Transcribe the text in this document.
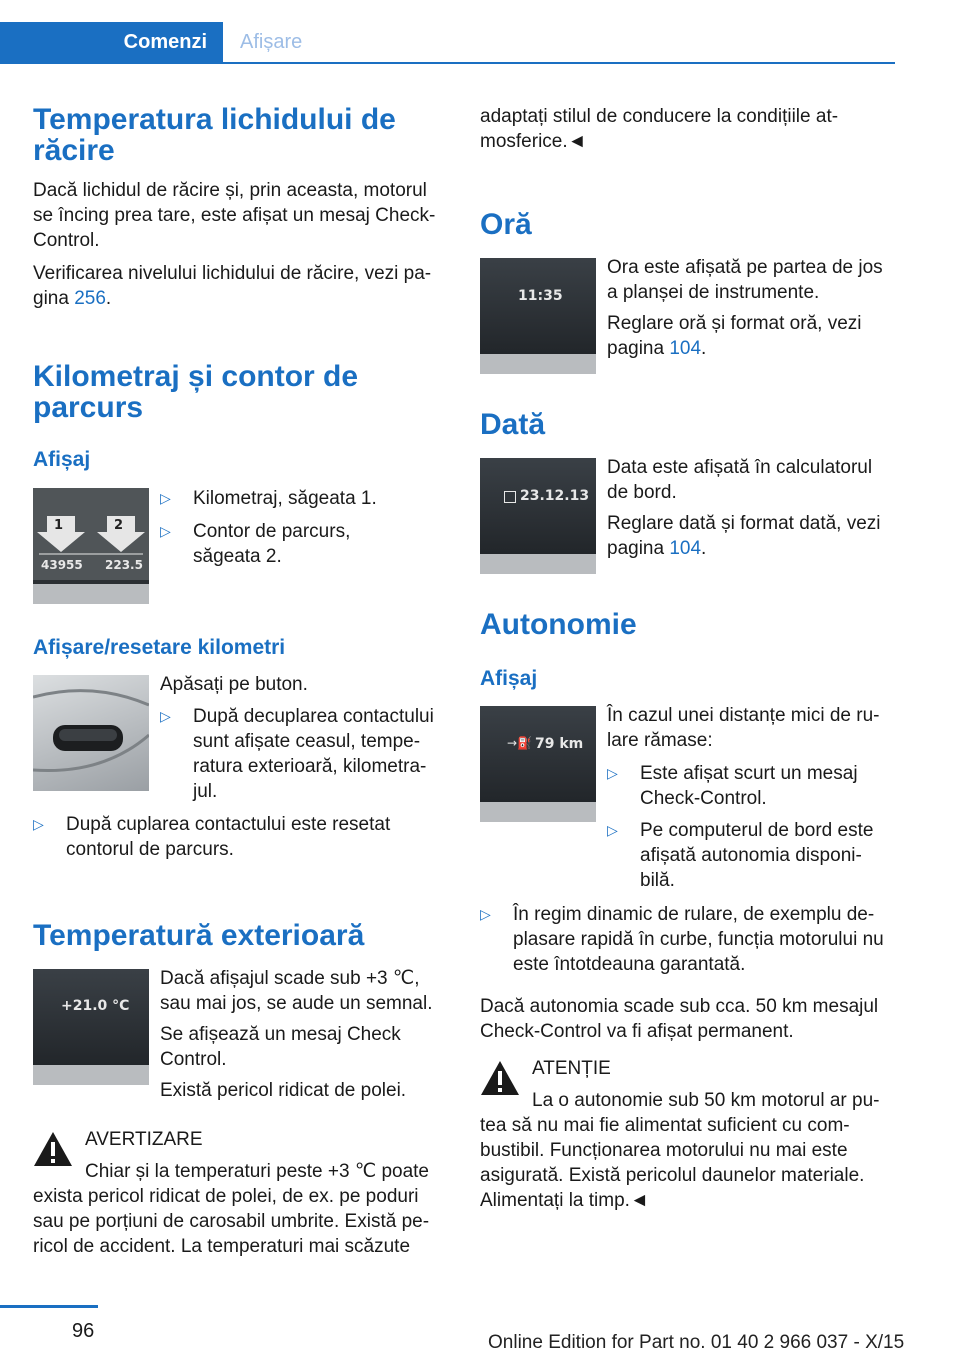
Comenzi Afișare
Temperatura lichidului de răcire

Dacă lichidul de răcire și, prin aceasta, motorul se încing prea tare, este afișat un mesaj Check-Control.

Verificarea nivelului lichidului de răcire, vezi pa-gina 256.

Kilometraj și contor de parcurs
Afișaj
1	2
43955 223.5
▷ Kilometraj, săgeata 1.
▷ Contor de parcurs, săgeata 2.
Afișare/resetare kilometri

Apăsați pe buton.

▷ După decuplarea contactului sunt afișate ceasul, tempe-ratura exterioară, kilometra-jul.
▷ După cuplarea contactului este resetat contorul de parcurs.
Temperatură exterioară
+21.0 °C

Dacă afișajul scade sub +3 ℃, sau mai jos, se aude un semnal.

Se afișează un mesaj Check Control.

Există pericol ridicat de polei.

AVERTIZARE

Chiar și la temperaturi peste +3 ℃ poate exista pericol ridicat de polei, de ex. pe poduri sau pe porțiuni de carosabil umbrite. Există pe-ricol de accident. La temperaturi mai scăzute

adaptați stilul de conducere la condițiile at-mosferice.◄

Oră
11:35

Ora este afișată pe partea de jos a planșei de instrumente.

Reglare oră și format oră, vezi pagina 104.

Dată
23.12.13

Data este afișată în calculatorul de bord.

Reglare dată și format dată, vezi pagina 104.

Autonomie
Afișaj
→⛽ 79 km

În cazul unei distanțe mici de ru-lare rămase:

▷ Este afișat scurt un mesaj Check-Control.
▷ Pe computerul de bord este afișată autonomia disponi-bilă.
▷ În regim dinamic de rulare, de exemplu de-plasare rapidă în curbe, funcția motorului nu este întotdeauna garantată.

Dacă autonomia scade sub cca. 50 km mesajul Check-Control va fi afișat permanent.

ATENȚIE

La o autonomie sub 50 km motorul ar pu-tea să nu mai fie alimentat suficient cu com-bustibil. Funcționarea motorului nu mai este asigurată. Există pericolul daunelor materiale. Alimentați la timp.◄

96
Online Edition for Part no. 01 40 2 966 037 - X/15
